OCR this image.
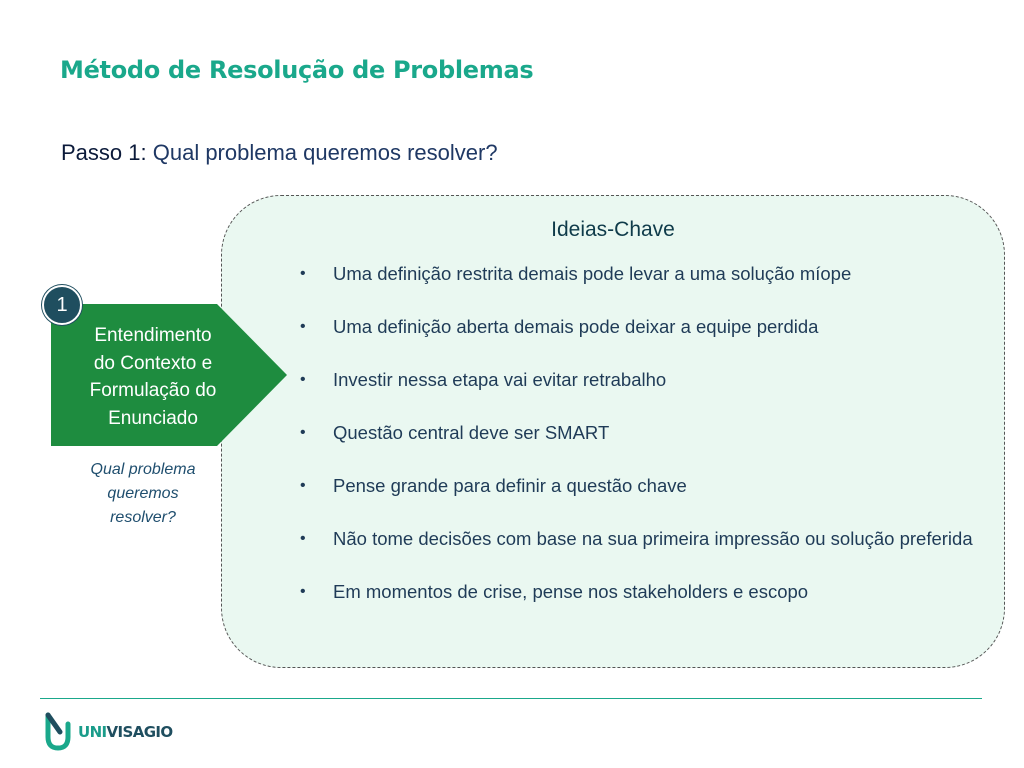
Método de Resolução de Problemas
Passo 1: Qual problema queremos resolver?
Ideias-Chave
• Uma definição restrita demais pode levar a uma solução míope
• Uma definição aberta demais pode deixar a equipe perdida
• Investir nessa etapa vai evitar retrabalho
• Questão central deve ser SMART
• Pense grande para definir a questão chave
• Não tome decisões com base na sua primeira impressão ou solução preferida
• Em momentos de crise, pense nos stakeholders e escopo
Entendimento
do Contexto e
Formulação do
Enunciado
1
Qual problema
queremos
resolver?
UNIVISAGIO
